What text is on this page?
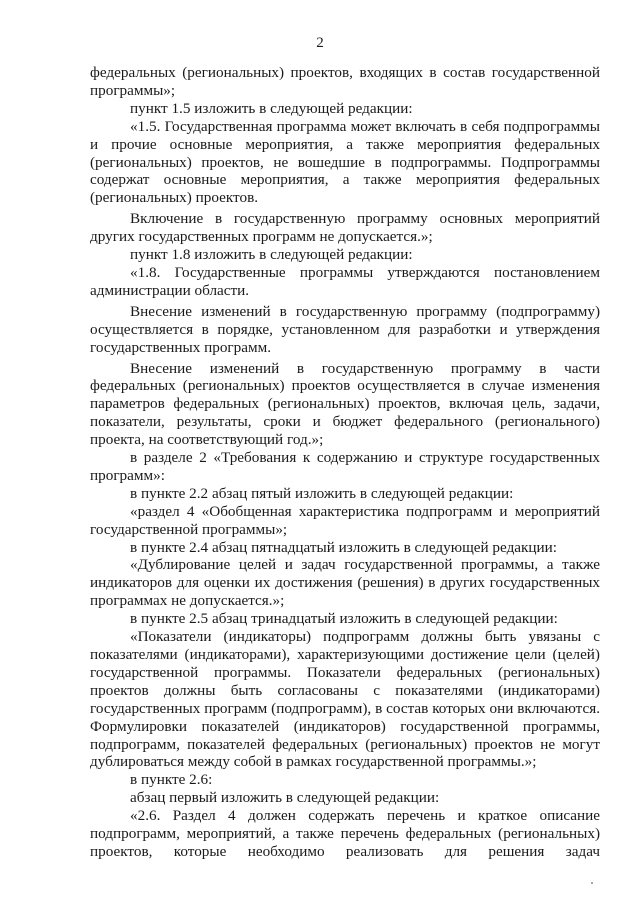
2

федеральных (региональных) проектов, входящих в состав государственной программы»;

пункт 1.5 изложить в следующей редакции:

«1.5. Государственная программа может включать в себя подпрограммы и прочие основные мероприятия, а также мероприятия федеральных (региональных) проектов, не вошедшие в подпрограммы. Подпрограммы содержат основные мероприятия, а также мероприятия федеральных (региональных) проектов.

Включение в государственную программу основных мероприятий других государственных программ не допускается.»;

пункт 1.8 изложить в следующей редакции:

«1.8. Государственные программы утверждаются постановлением администрации области.

Внесение изменений в государственную программу (подпрограмму) осуществляется в порядке, установленном для разработки и утверждения государственных программ.

Внесение изменений в государственную программу в части федеральных (региональных) проектов осуществляется в случае изменения параметров федеральных (региональных) проектов, включая цель, задачи, показатели, результаты, сроки и бюджет федерального (регионального) проекта, на соответствующий год.»;

в разделе 2 «Требования к содержанию и структуре государственных программ»:

в пункте 2.2 абзац пятый изложить в следующей редакции:

«раздел 4 «Обобщенная характеристика подпрограмм и мероприятий государственной программы»;

в пункте 2.4 абзац пятнадцатый изложить в следующей редакции:

«Дублирование целей и задач государственной программы, а также индикаторов для оценки их достижения (решения) в других государственных программах не допускается.»;

в пункте 2.5 абзац тринадцатый изложить в следующей редакции:

«Показатели (индикаторы) подпрограмм должны быть увязаны с показателями (индикаторами), характеризующими достижение цели (целей) государственной программы. Показатели федеральных (региональных) проектов должны быть согласованы с показателями (индикаторами) государственных программ (подпрограмм), в состав которых они включаются. Формулировки показателей (индикаторов) государственной программы, подпрограмм, показателей федеральных (региональных) проектов не могут дублироваться между собой в рамках государственной программы.»;

в пункте 2.6:

абзац первый изложить в следующей редакции:

«2.6. Раздел 4 должен содержать перечень и краткое описание подпрограмм, мероприятий, а также перечень федеральных (региональных) проектов, которые необходимо реализовать для решения задач
